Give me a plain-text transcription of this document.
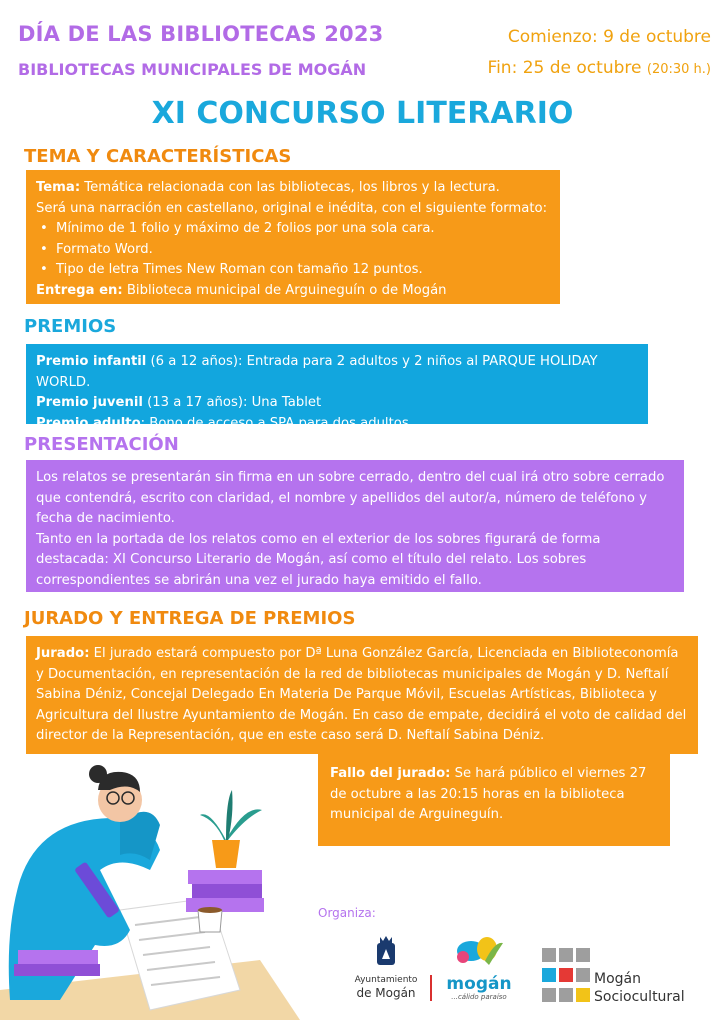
DÍA DE LAS BIBLIOTECAS 2023
BIBLIOTECAS MUNICIPALES DE MOGÁN
Comienzo: 9 de octubre
Fin: 25 de octubre (20:30 h.)
XI CONCURSO LITERARIO
TEMA Y CARACTERÍSTICAS
Tema: Temática relacionada con las bibliotecas, los libros y la lectura.
Será una narración en castellano, original e inédita, con el siguiente formato:
• Mínimo de 1 folio y máximo de 2 folios por una sola cara.
• Formato Word.
• Tipo de letra Times New Roman con tamaño 12 puntos.
Entrega en: Biblioteca municipal de Arguineguín o de Mogán
PREMIOS
Premio infantil (6 a 12 años): Entrada para 2 adultos y 2 niños al PARQUE HOLIDAY WORLD.
Premio juvenil (13 a 17 años): Una Tablet
Premio adulto: Bono de acceso a SPA para dos adultos.
PRESENTACIÓN
Los relatos se presentarán sin firma en un sobre cerrado, dentro del cual irá otro sobre cerrado que contendrá, escrito con claridad, el nombre y apellidos del autor/a, número de teléfono y fecha de nacimiento.
Tanto en la portada de los relatos como en el exterior de los sobres figurará de forma destacada: XI Concurso Literario de Mogán, así como el título del relato. Los sobres correspondientes se abrirán una vez el jurado haya emitido el fallo.
JURADO Y ENTREGA DE PREMIOS
Jurado: El jurado estará compuesto por Dª Luna González García, Licenciada en Biblioteconomía y Documentación, en representación de la red de bibliotecas municipales de Mogán y D. Neftalí Sabina Déniz, Concejal Delegado En Materia De Parque Móvil, Escuelas Artísticas, Biblioteca y Agricultura del Ilustre Ayuntamiento de Mogán. En caso de empate, decidirá el voto de calidad del director de la Representación, que en este caso será D. Neftalí Sabina Déniz.
Fallo del jurado: Se hará público el viernes 27 de octubre a las 20:15 horas en la biblioteca municipal de Arguineguín.
Organiza:
Ayuntamiento
de Mogán	mogán
...cálido paraíso
Mogán
Sociocultural
